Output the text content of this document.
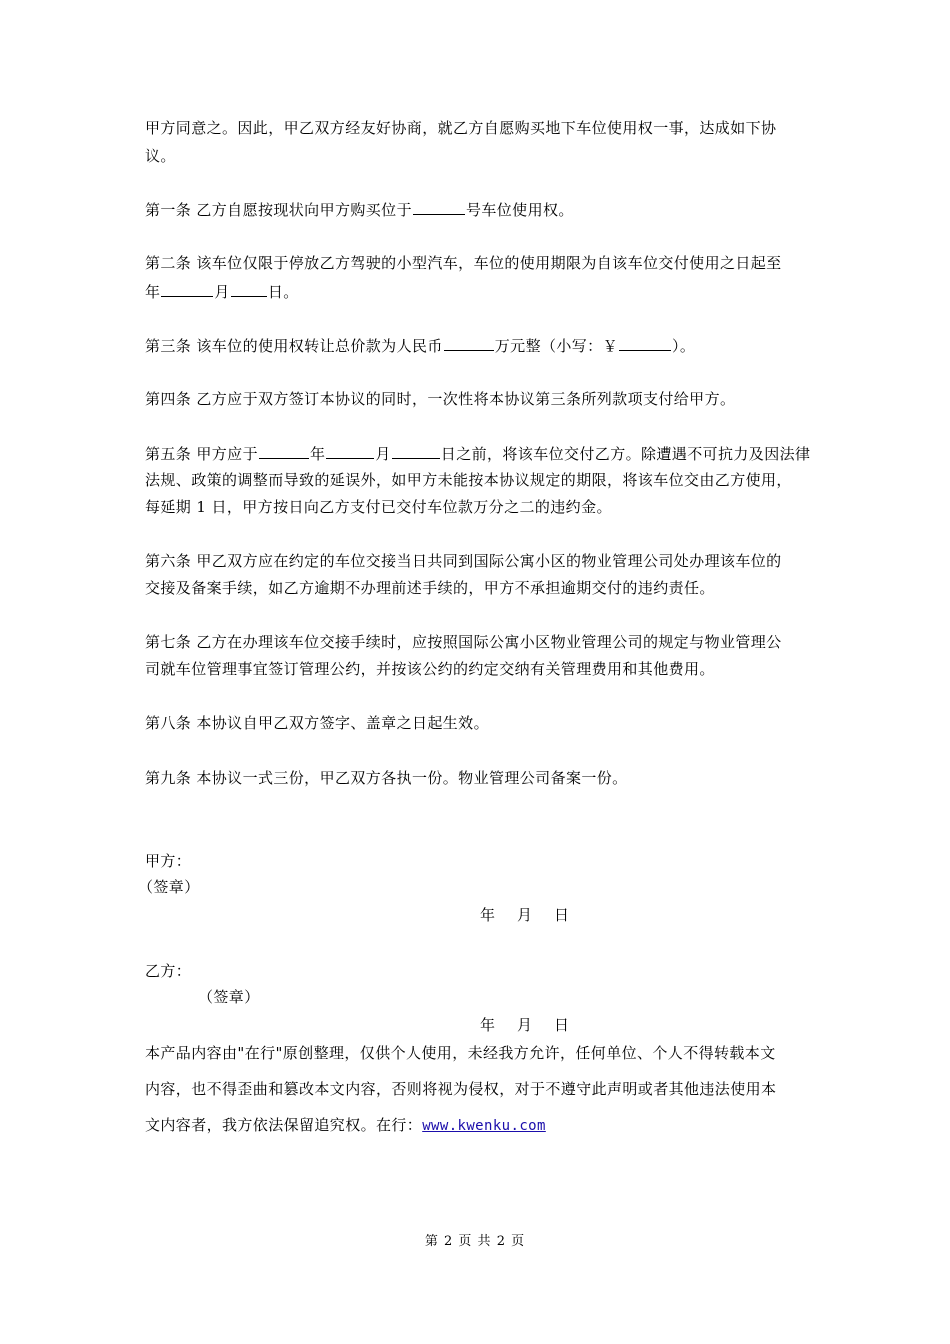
甲方同意之。因此，甲乙双方经友好协商，就乙方自愿购买地下车位使用权一事，达成如下协
议。
第一条 乙方自愿按现状向甲方购买位于	号车位使用权。
第二条 该车位仅限于停放乙方驾驶的小型汽车，车位的使用期限为自该车位交付使用之日起至
年	月	日。
第三条 该车位的使用权转让总价款为人民币	万元整（小写：￥	）。
第四条 乙方应于双方签订本协议的同时，一次性将本协议第三条所列款项支付给甲方。
第五条 甲方应于	年	月	日之前，将该车位交付乙方。除遭遇不可抗力及因法律
法规、政策的调整而导致的延误外，如甲方未能按本协议规定的期限，将该车位交由乙方使用，
每延期 1 日，甲方按日向乙方支付已交付车位款万分之二的违约金。
第六条 甲乙双方应在约定的车位交接当日共同到国际公寓小区的物业管理公司处办理该车位的
交接及备案手续，如乙方逾期不办理前述手续的，甲方不承担逾期交付的违约责任。
第七条 乙方在办理该车位交接手续时，应按照国际公寓小区物业管理公司的规定与物业管理公
司就车位管理事宜签订管理公约，并按该公约的约定交纳有关管理费用和其他费用。
第八条 本协议自甲乙双方签字、盖章之日起生效。
第九条 本协议一式三份，甲乙双方各执一份。物业管理公司备案一份。
甲方：
（签章）
年 月 日
乙方：
（签章）
年 月 日
本产品内容由"在行"原创整理，仅供个人使用，未经我方允许，任何单位、个人不得转载本文
内容，也不得歪曲和篡改本文内容，否则将视为侵权，对于不遵守此声明或者其他违法使用本
文内容者，我方依法保留追究权。在行：www.kwenku.com
第 2 页 共 2 页
